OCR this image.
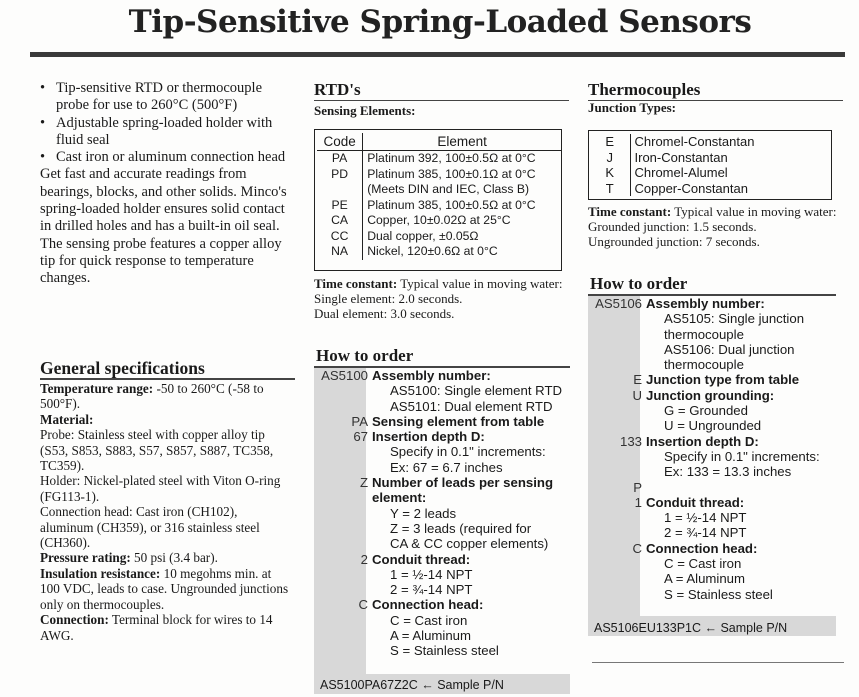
Tip-Sensitive Spring-Loaded Sensors
• Tip-sensitive RTD or thermocouple probe for use to 260°C (500°F)
• Adjustable spring-loaded holder with fluid seal
• Cast iron or aluminum connection head

Get fast and accurate readings from bearings, blocks, and other solids. Minco's spring-loaded holder ensures solid contact in drilled holes and has a built-in oil seal. The sensing probe features a copper alloy tip for quick response to temperature changes.

General specifications
Temperature range: -50 to 260°C (-58 to 500°F).
Material:
Probe: Stainless steel with copper alloy tip (S53, S853, S883, S57, S857, S887, TC358, TC359).
Holder: Nickel-plated steel with Viton O-ring (FG113-1).
Connection head: Cast iron (CH102), aluminum (CH359), or 316 stainless steel (CH360).
Pressure rating: 50 psi (3.4 bar).
Insulation resistance: 10 megohms min. at 100 VDC, leads to case. Ungrounded junctions only on thermocouples.
Connection: Terminal block for wires to 14 AWG.
RTD's
Sensing Elements:
Code	Element
PA	Platinum 392, 100±0.5Ω at 0°C
PD	Platinum 385, 100±0.1Ω at 0°C
	(Meets DIN and IEC, Class B)
PE	Platinum 385, 100±0.5Ω at 0°C
CA	Copper, 10±0.02Ω at 25°C
CC	Dual copper, ±0.05Ω
NA	Nickel, 120±0.6Ω at 0°C
Time constant: Typical value in moving water:
Single element: 2.0 seconds.
Dual element: 3.0 seconds.
How to order
AS5100 Assembly number:
AS5100: Single element RTD
AS5101: Dual element RTD
PA Sensing element from table
67 Insertion depth D:
Specify in 0.1" increments:
Ex: 67 = 6.7 inches
Z Number of leads per sensing
element:
Y = 2 leads
Z = 3 leads (required for
CA & CC copper elements)
2 Conduit thread:
1 = ½-14 NPT
2 = ¾-14 NPT
C Connection head:
C = Cast iron
A = Aluminum
S = Stainless steel
AS5100PA67Z2C ← Sample P/N
Thermocouples
Junction Types:
E	Chromel-Constantan
J	Iron-Constantan
K	Chromel-Alumel
T	Copper-Constantan
Time constant: Typical value in moving water:
Grounded junction: 1.5 seconds.
Ungrounded junction: 7 seconds.
How to order
AS5106 Assembly number:
AS5105: Single junction
thermocouple
AS5106: Dual junction
thermocouple
E Junction type from table
U Junction grounding:
G = Grounded
U = Ungrounded
133 Insertion depth D:
Specify in 0.1" increments:
Ex: 133 = 13.3 inches
P
1 Conduit thread:
1 = ½-14 NPT
2 = ¾-14 NPT
C Connection head:
C = Cast iron
A = Aluminum
S = Stainless steel
AS5106EU133P1C ← Sample P/N
